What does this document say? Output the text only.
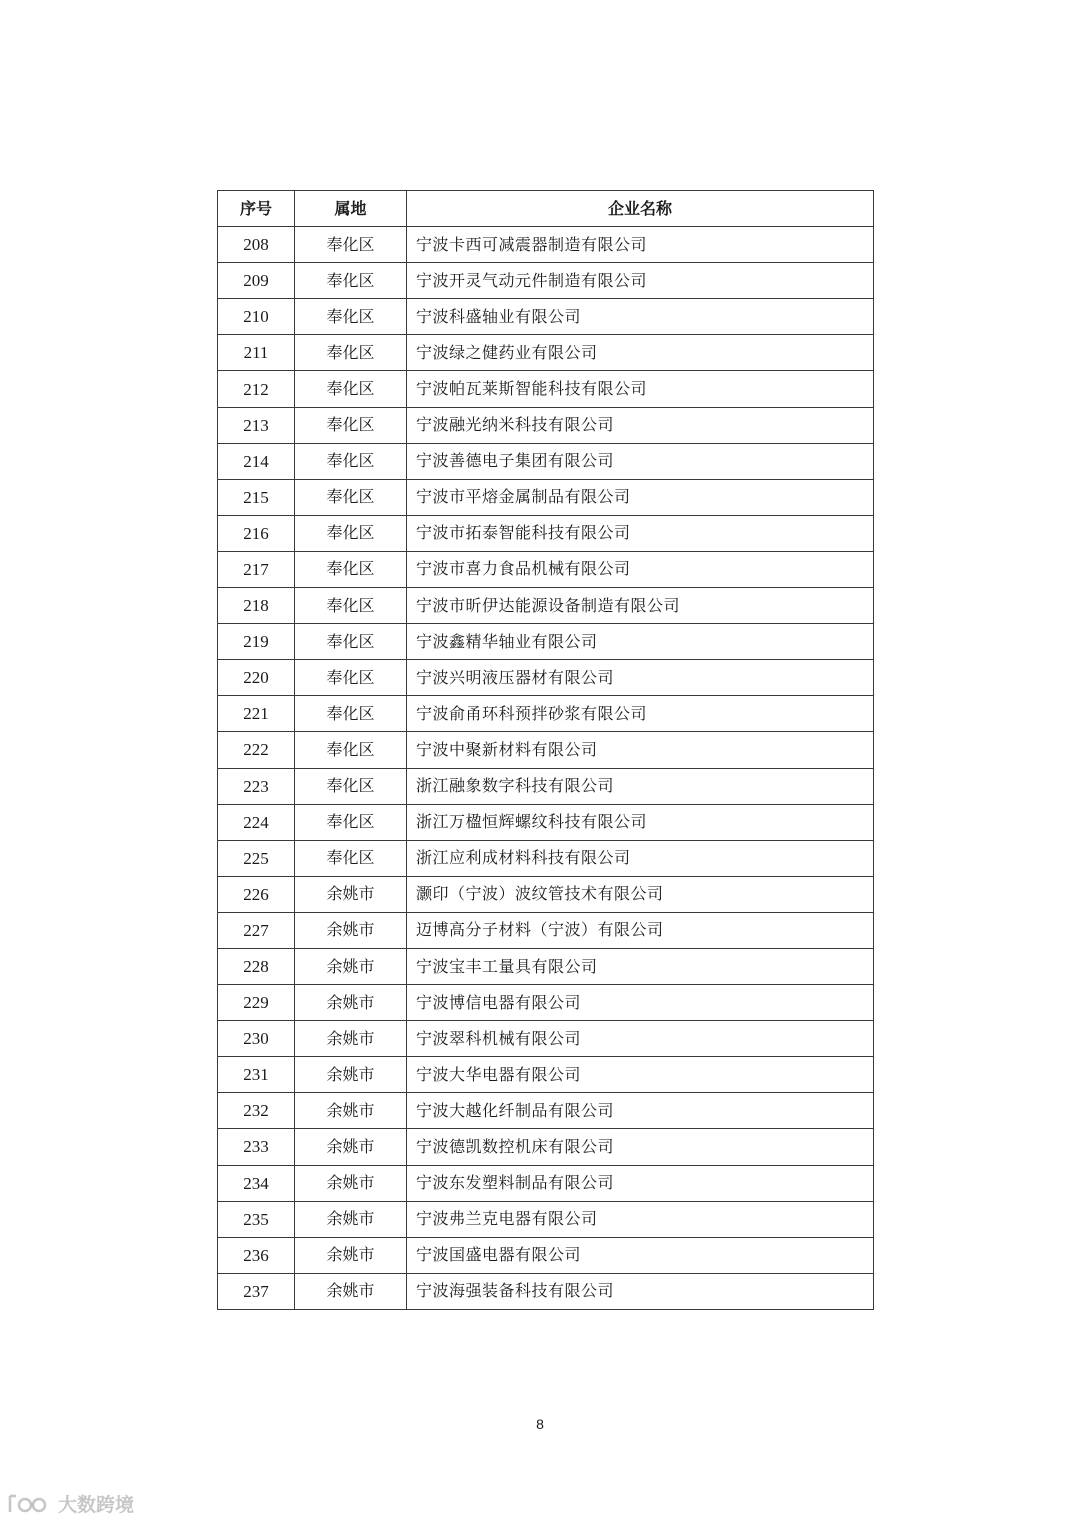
序号	属地	企业名称
208	奉化区	宁波卡西可减震器制造有限公司
209	奉化区	宁波开灵气动元件制造有限公司
210	奉化区	宁波科盛轴业有限公司
211	奉化区	宁波绿之健药业有限公司
212	奉化区	宁波帕瓦莱斯智能科技有限公司
213	奉化区	宁波融光纳米科技有限公司
214	奉化区	宁波善德电子集团有限公司
215	奉化区	宁波市平熔金属制品有限公司
216	奉化区	宁波市拓泰智能科技有限公司
217	奉化区	宁波市喜力食品机械有限公司
218	奉化区	宁波市昕伊达能源设备制造有限公司
219	奉化区	宁波鑫精华轴业有限公司
220	奉化区	宁波兴明液压器材有限公司
221	奉化区	宁波俞甬环科预拌砂浆有限公司
222	奉化区	宁波中聚新材料有限公司
223	奉化区	浙江融象数字科技有限公司
224	奉化区	浙江万楹恒辉螺纹科技有限公司
225	奉化区	浙江应利成材料科技有限公司
226	余姚市	灏印（宁波）波纹管技术有限公司
227	余姚市	迈博高分子材料（宁波）有限公司
228	余姚市	宁波宝丰工量具有限公司
229	余姚市	宁波博信电器有限公司
230	余姚市	宁波翠科机械有限公司
231	余姚市	宁波大华电器有限公司
232	余姚市	宁波大越化纤制品有限公司
233	余姚市	宁波德凯数控机床有限公司
234	余姚市	宁波东发塑料制品有限公司
235	余姚市	宁波弗兰克电器有限公司
236	余姚市	宁波国盛电器有限公司
237	余姚市	宁波海强装备科技有限公司
8
大数跨境
